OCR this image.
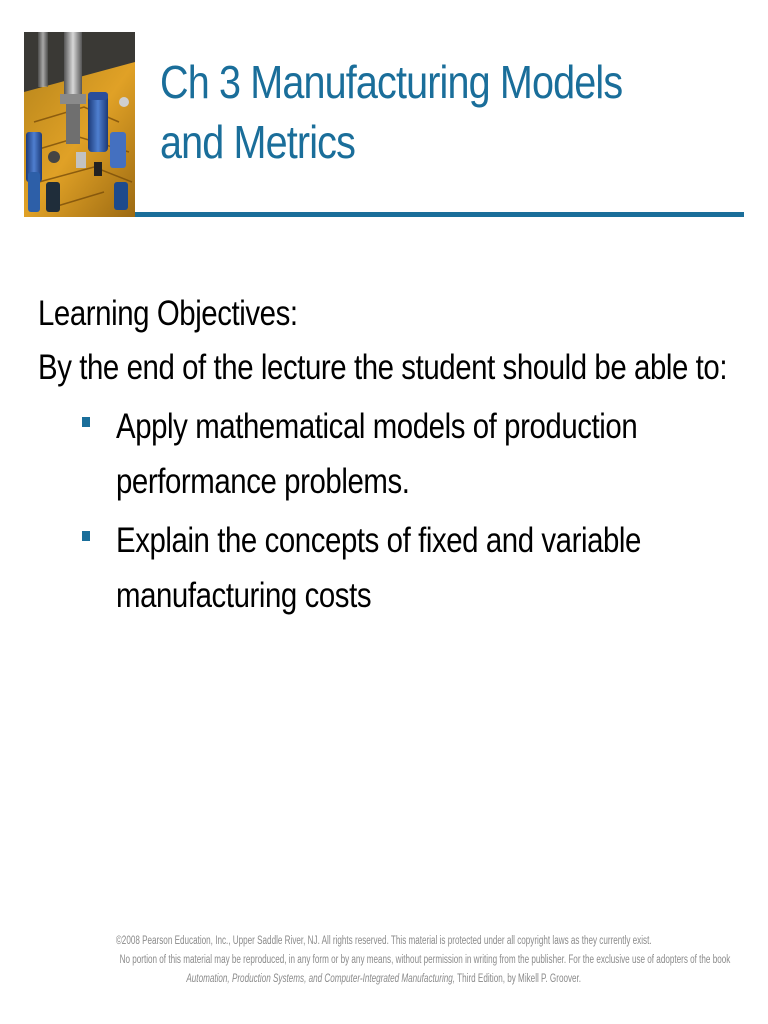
Ch 3 Manufacturing Models
and Metrics
Learning Objectives:
By the end of the lecture the student should be able to:
Apply mathematical models of production
performance problems.
Explain the concepts of fixed and variable
manufacturing costs
©2008 Pearson Education, Inc., Upper Saddle River, NJ. All rights reserved. This material is protected under all copyright laws as they currently exist.
No portion of this material may be reproduced, in any form or by any means, without permission in writing from the publisher. For the exclusive use of adopters of the book
Automation, Production Systems, and Computer-Integrated Manufacturing, Third Edition, by Mikell P. Groover.
